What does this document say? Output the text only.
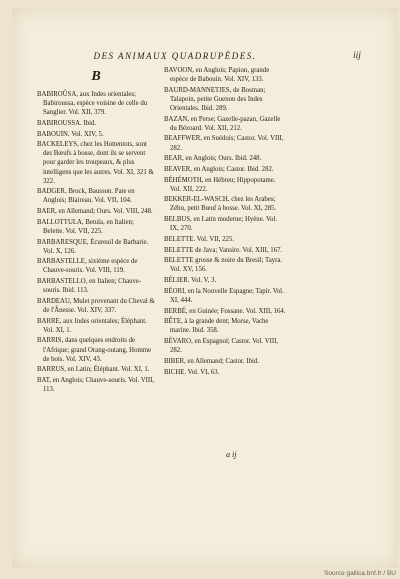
DES ANIMAUX QUADRUPÈDES.	iij
B
BABIROÛSA, aux Indes orientales; Babiroussa, espèce voisine de celle du Sanglier. Vol. XII, 379.
BABIROUSSA. Ibid.
BABOUIN. Vol. XIV, 5.
BACKELEYS, chez les Hottentots, sont des Bœufs à bosse, dont ils se servent pour garder les troupeaux, & plus intelligens que les autres. Vol. XI, 321 & 322.
BADGER, Brock, Bausson. Pate en Anglois; Blaireau. Vol. VII, 104.
BAER, en Allemand; Ours. Vol. VIII, 248.
BALLOTTULA, Betula, en Italien; Belette. Vol. VII, 225.
BARBARESQUE, Écureuil de Barbarie. Vol. X, 126.
BARBASTELLE, sixième espèce de Chauve-souris. Vol. VIII, 119.
BARBASTELLO, en Italien; Chauve-souris. Ibid. 113.
BARDEAU, Mulet provenant du Cheval & de l'Ânesse. Vol. XIV, 337.
BARRE, aux Indes orientales; Éléphant. Vol. XI, 1.
BARRIS, dans quelques endroits de l'Afrique; grand Orang-outang, Homme de bois. Vol. XIV, 43.
BARRUS, en Latin; Éléphant. Vol. XI, 1.
BAT, en Anglois; Chauve-souris. Vol. VIII, 113.
BAVOON, en Anglois; Papion, grande espèce de Babouin. Vol. XIV, 133.
BAURD-MANNETJES, de Bosman; Talapoin, petite Guenon des Indes Orientales. Ibid. 289.
BAZAN, en Perse; Gazelle-pazan, Gazelle du Bézoard. Vol. XII, 212.
BEAFFWER, en Suédois; Castor. Vol. VIII, 282.
BEAR, en Anglois; Ours. Ibid. 248.
BEAVER, en Anglois; Castor. Ibid. 282.
BÉHÉMOTH, en Hébreu; Hippopotame. Vol. XII, 222.
BEKKER-EL-WASCH, chez les Arabes; Zébu, petit Bœuf à bosse. Vol. XI, 285.
BELBUS, en Latin moderne; Hyène. Vol. IX, 270.
BELETTE. Vol. VII, 225.
BELETTE de Java; Vansire. Vol. XIII, 167.
BELETTE grosse & noire du Bresil; Tayra. Vol. XV, 156.
BÉLIER. Vol. V, 3.
BÉORI, en la Nouvelle Espagne; Tapir. Vol. XI, 444.
BERBÉ, en Guinée; Fossane. Vol. XIII, 164.
BÊTE, à la grande dent; Morse, Vache marine. Ibid. 358.
BÉVARO, en Espagnol; Castor. Vol. VIII, 282.
BIBER, en Allemand; Castor. Ibid.
BICHE. Vol. VI, 63.
a ij
Source gallica.bnf.fr / BU
